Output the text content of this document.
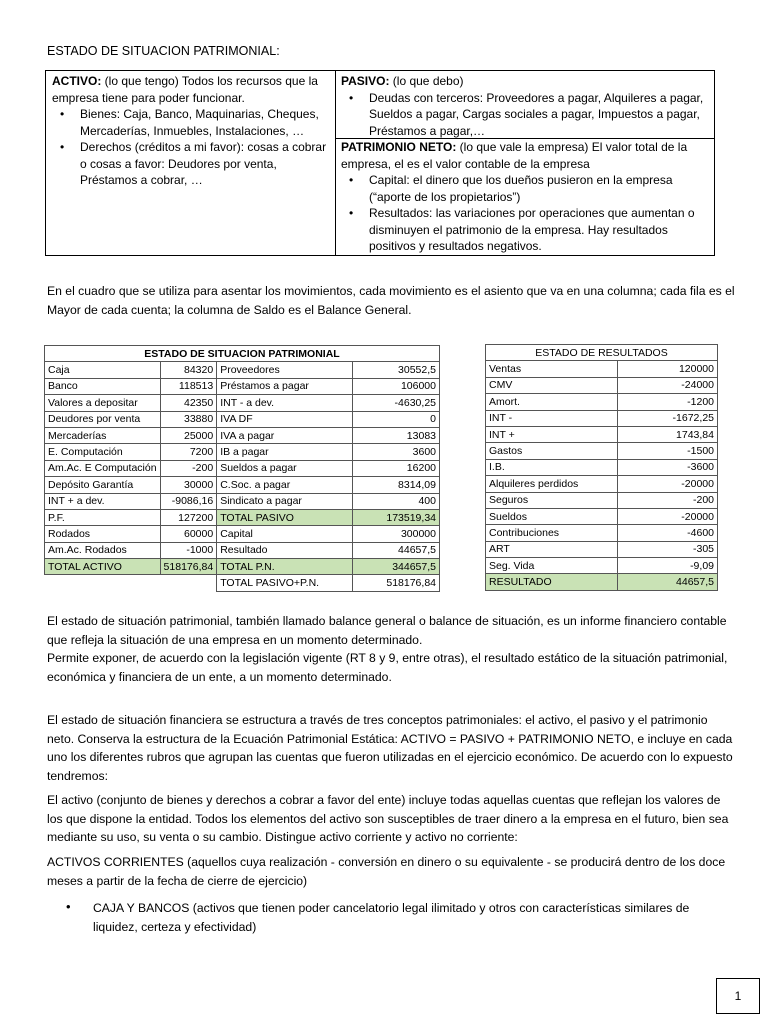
ESTADO DE SITUACION PATRIMONIAL:
ACTIVO: (lo que tengo) Todos los recursos que la empresa tiene para poder funcionar.
• Bienes: Caja, Banco, Maquinarias, Cheques, Mercaderías, Inmuebles, Instalaciones, …
• Derechos (créditos a mi favor): cosas a cobrar o cosas a favor: Deudores por venta, Préstamos a cobrar, …
PASIVO: (lo que debo)
• Deudas con terceros: Proveedores a pagar, Alquileres a pagar, Sueldos a pagar, Cargas sociales a pagar, Impuestos a pagar, Préstamos a pagar,…
PATRIMONIO NETO: (lo que vale la empresa) El valor total de la empresa, el es el valor contable de la empresa
• Capital: el dinero que los dueños pusieron en la empresa (“aporte de los propietarios”)
• Resultados: las variaciones por operaciones que aumentan o disminuyen el patrimonio de la empresa. Hay resultados positivos y resultados negativos.
En el cuadro que se utiliza para asentar los movimientos, cada movimiento es el asiento que va en una columna; cada fila es el Mayor de cada cuenta; la columna de Saldo es el Balance General.
ESTADO DE SITUACION PATRIMONIAL			
Caja	84320	Proveedores	30552,5
Banco	118513	Préstamos a pagar	106000
Valores a depositar	42350	INT - a dev.	-4630,25
Deudores por venta	33880	IVA DF	0
Mercaderías	25000	IVA a pagar	13083
E. Computación	7200	IB a pagar	3600
Am.Ac. E Computación	-200	Sueldos a pagar	16200
Depósito Garantía	30000	C.Soc. a pagar	8314,09
INT + a dev.	-9086,16	Sindicato a pagar	400
P.F.	127200	TOTAL PASIVO	173519,34
Rodados	60000	Capital	300000
Am.Ac. Rodados	-1000	Resultado	44657,5
TOTAL ACTIVO	518176,84	TOTAL P.N.	344657,5
		TOTAL PASIVO+P.N.	518176,84
ESTADO DE RESULTADOS	
Ventas	120000
CMV	-24000
Amort.	-1200
INT -	-1672,25
INT +	1743,84
Gastos	-1500
I.B.	-3600
Alquileres perdidos	-20000
Seguros	-200
Sueldos	-20000
Contribuciones	-4600
ART	-305
Seg. Vida	-9,09
RESULTADO	44657,5
El estado de situación patrimonial, también llamado balance general o balance de situación, es un informe financiero contable que refleja la situación de una empresa en un momento determinado.
Permite exponer, de acuerdo con la legislación vigente (RT 8 y 9, entre otras), el resultado estático de la situación patrimonial, económica y financiera de un ente, a un momento determinado.
El estado de situación financiera se estructura a través de tres conceptos patrimoniales: el activo, el pasivo y el patrimonio neto. Conserva la estructura de la Ecuación Patrimonial Estática: ACTIVO = PASIVO + PATRIMONIO NETO, e incluye en cada uno los diferentes rubros que agrupan las cuentas que fueron utilizadas en el ejercicio económico. De acuerdo con lo expuesto tendremos:
El activo (conjunto de bienes y derechos a cobrar a favor del ente) incluye todas aquellas cuentas que reflejan los valores de los que dispone la entidad. Todos los elementos del activo son susceptibles de traer dinero a la empresa en el futuro, bien sea mediante su uso, su venta o su cambio. Distingue activo corriente y activo no corriente:
ACTIVOS CORRIENTES (aquellos cuya realización - conversión en dinero o su equivalente - se producirá dentro de los doce meses a partir de la fecha de cierre de ejercicio)
• CAJA Y BANCOS (activos que tienen poder cancelatorio legal ilimitado y otros con características similares de liquidez, certeza y efectividad)
1
